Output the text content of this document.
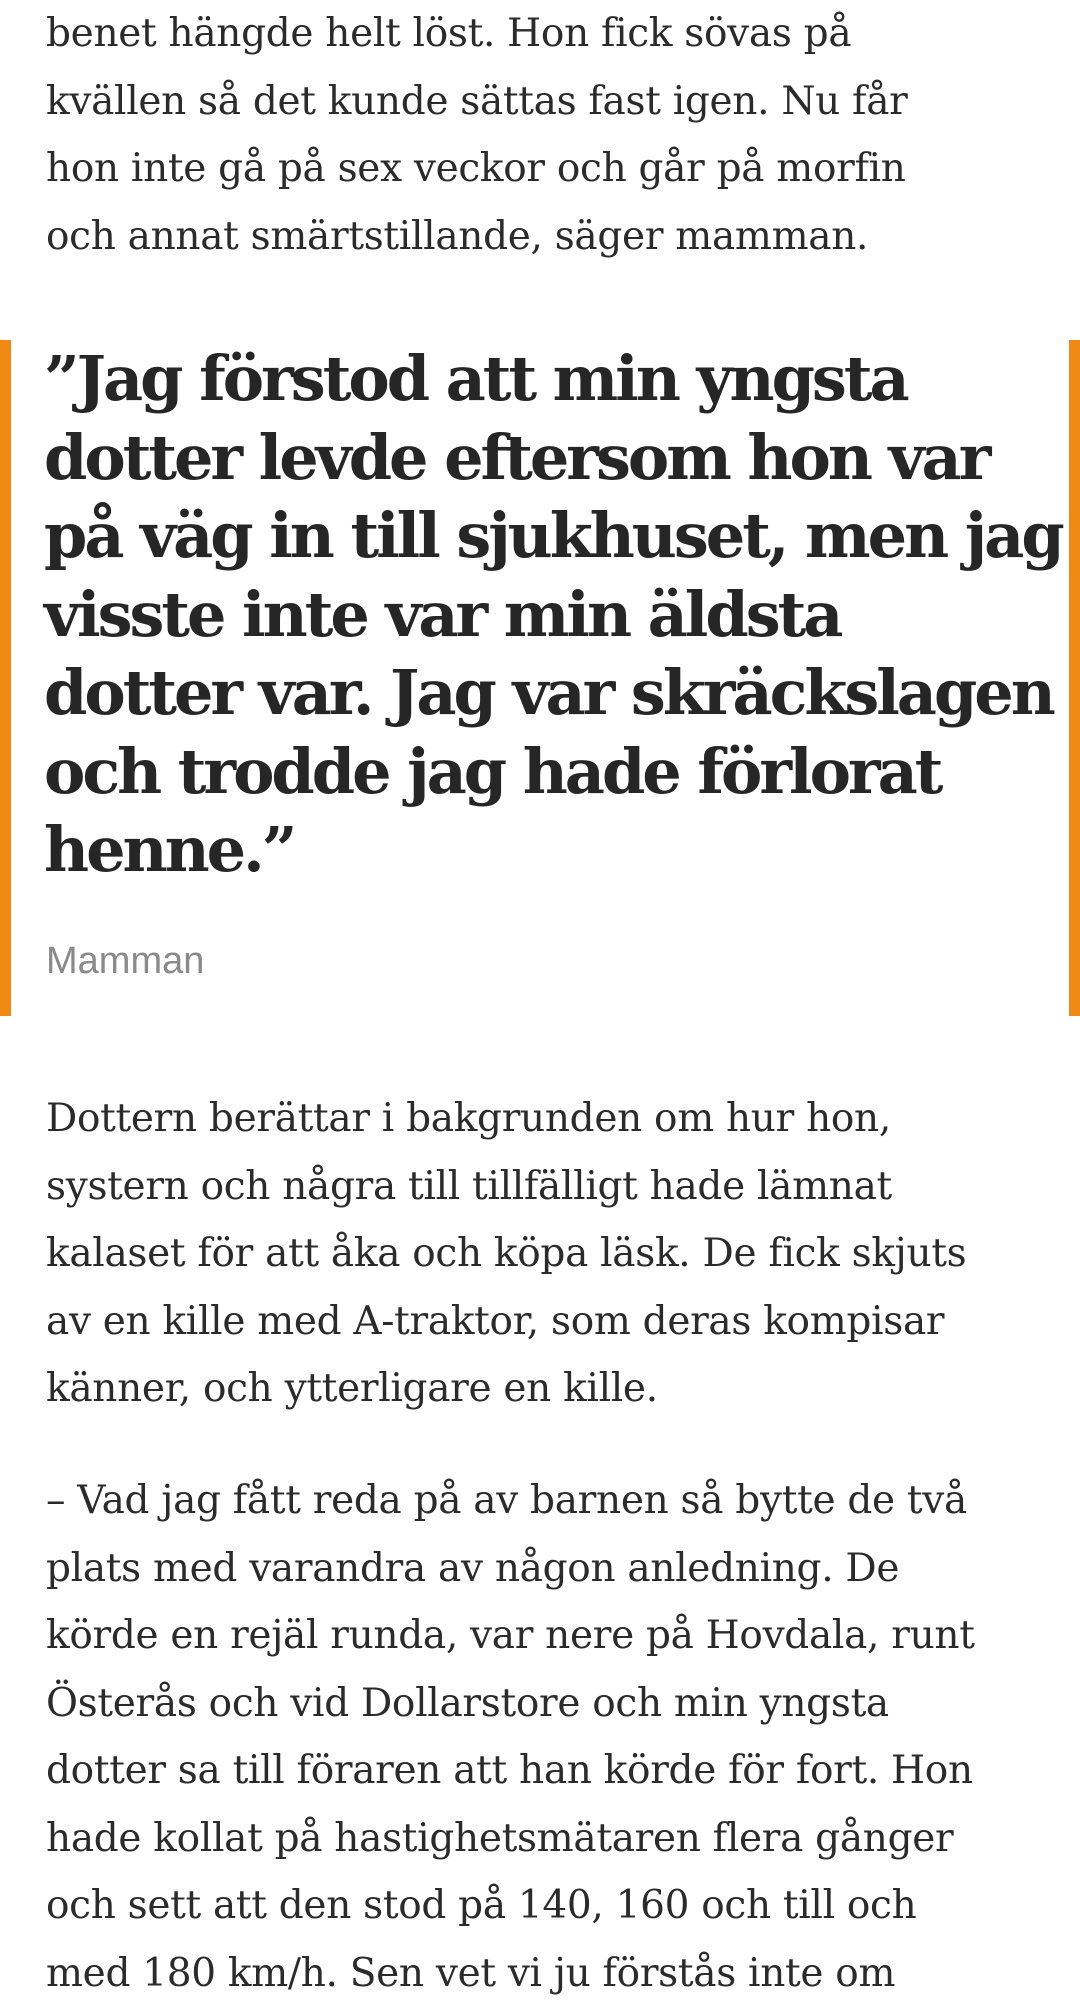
benet hängde helt löst. Hon fick sövas på
kvällen så det kunde sättas fast igen. Nu får
hon inte gå på sex veckor och går på morfin
och annat smärtstillande, säger mamman.

”Jag förstod att min yngsta
dotter levde eftersom hon var
på väg in till sjukhuset, men jag
visste inte var min äldsta
dotter var. Jag var skräckslagen
och trodde jag hade förlorat
henne.”
Mamman

Dottern berättar i bakgrunden om hur hon,
systern och några till tillfälligt hade lämnat
kalaset för att åka och köpa läsk. De fick skjuts
av en kille med A-traktor, som deras kompisar
känner, och ytterligare en kille.

– Vad jag fått reda på av barnen så bytte de två
plats med varandra av någon anledning. De
körde en rejäl runda, var nere på Hovdala, runt
Österås och vid Dollarstore och min yngsta
dotter sa till föraren att han körde för fort. Hon
hade kollat på hastighetsmätaren flera gånger
och sett att den stod på 140, 160 och till och
med 180 km/h. Sen vet vi ju förstås inte om
